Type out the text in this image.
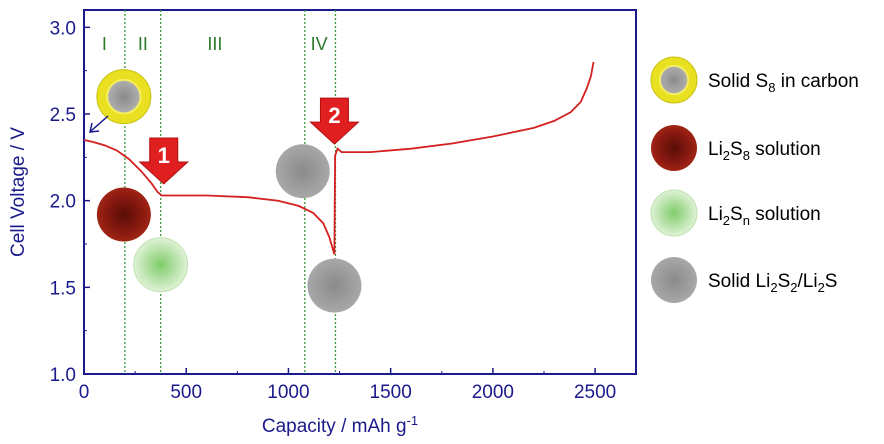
0	500	1000	1500	2000	2500
1.0
1.5
2.0
2.5
3.0
I II	III	IV
1
2
Capacity / mAh $g^{-1}$
Cell Voltage / V
Solid $S_8$ in carbon
$Li_2S_8$ solution
$Li_2S_n$ solution
Solid $Li_2S_2/Li_2S$
